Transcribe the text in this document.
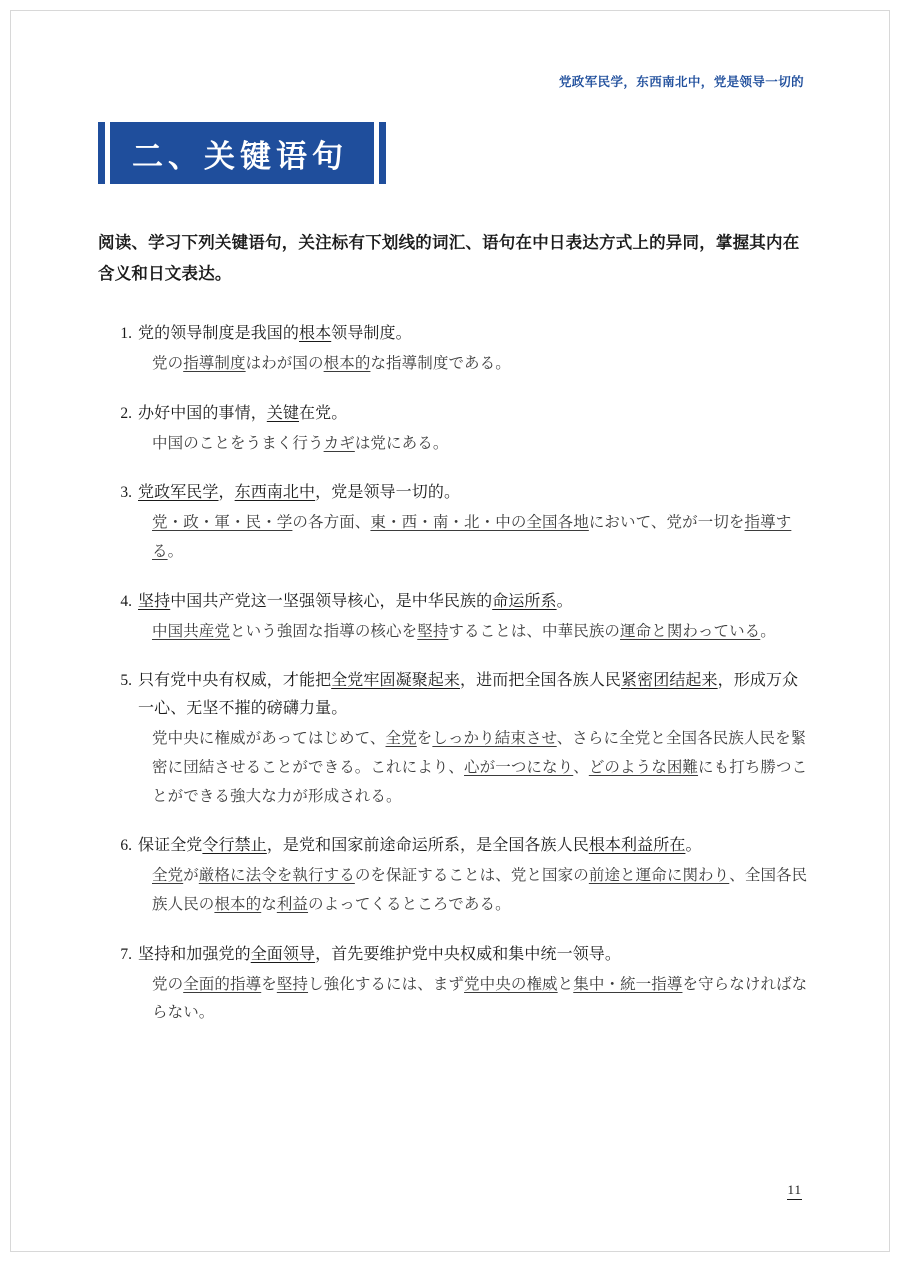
党政军民学，东西南北中，党是领导一切的
二、关键语句
阅读、学习下列关键语句，关注标有下划线的词汇、语句在中日表达方式上的异同，掌握其内在含义和日文表达。
1. 党的领导制度是我国的根本领导制度。

党の指導制度はわが国の根本的な指導制度である。

2. 办好中国的事情，关键在党。

中国のことをうまく行うカギは党にある。

3. 党政军民学，东西南北中，党是领导一切的。

党・政・軍・民・学の各方面、東・西・南・北・中の全国各地において、党が一切を指導する。

4. 坚持中国共产党这一坚强领导核心，是中华民族的命运所系。

中国共産党という強固な指導の核心を堅持することは、中華民族の運命と関わっている。

5. 只有党中央有权威，才能把全党牢固凝聚起来，进而把全国各族人民紧密团结起来，形成万众一心、无坚不摧的磅礴力量。

党中央に権威があってはじめて、全党をしっかり結束させ、さらに全党と全国各民族人民を緊密に団結させることができる。これにより、心が一つになり、どのような困難にも打ち勝つことができる強大な力が形成される。

6. 保证全党令行禁止，是党和国家前途命运所系，是全国各族人民根本利益所在。

全党が厳格に法令を執行するのを保証することは、党と国家の前途と運命に関わり、全国各民族人民の根本的な利益のよってくるところである。

7. 坚持和加强党的全面领导，首先要维护党中央权威和集中统一领导。

党の全面的指導を堅持し強化するには、まず党中央の権威と集中・統一指導を守らなければならない。

11
